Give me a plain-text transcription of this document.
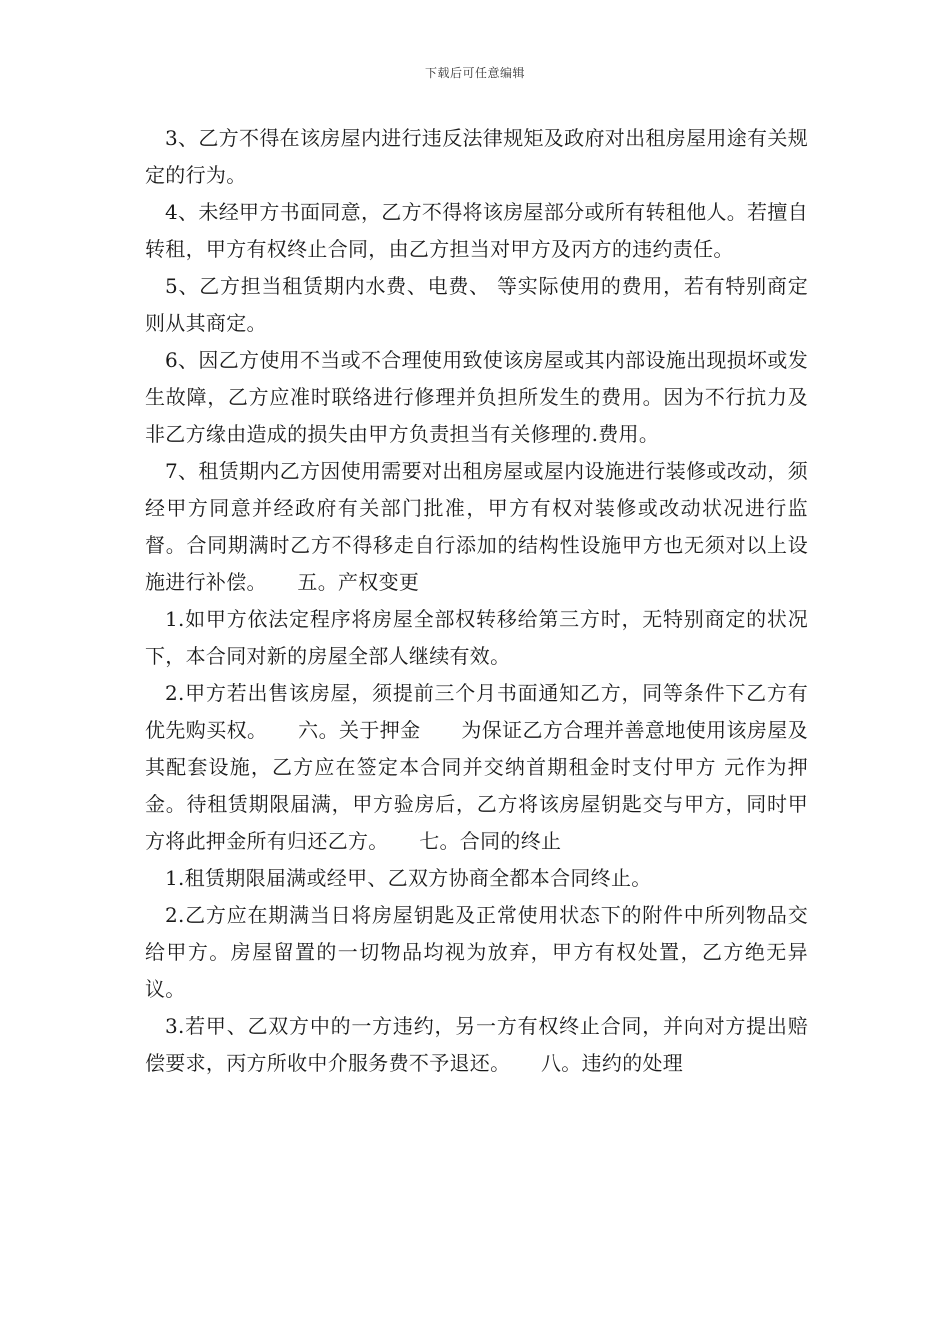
下载后可任意编辑

3、乙方不得在该房屋内进行违反法律规矩及政府对出租房屋用途有关规定的行为。

4、未经甲方书面同意，乙方不得将该房屋部分或所有转租他人。若擅自转租，甲方有权终止合同，由乙方担当对甲方及丙方的违约责任。

5、乙方担当租赁期内水费、电费、 等实际使用的费用，若有特别商定则从其商定。

6、因乙方使用不当或不合理使用致使该房屋或其内部设施出现损坏或发生故障，乙方应准时联络进行修理并负担所发生的费用。因为不行抗力及非乙方缘由造成的损失由甲方负责担当有关修理的.费用。

7、租赁期内乙方因使用需要对出租房屋或屋内设施进行装修或改动，须经甲方同意并经政府有关部门批准，甲方有权对装修或改动状况进行监督。合同期满时乙方不得移走自行添加的结构性设施甲方也无须对以上设施进行补偿。　　五。产权变更

1.如甲方依法定程序将房屋全部权转移给第三方时，无特别商定的状况下，本合同对新的房屋全部人继续有效。

2.甲方若出售该房屋，须提前三个月书面通知乙方，同等条件下乙方有优先购买权。　　六。关于押金　　为保证乙方合理并善意地使用该房屋及其配套设施，乙方应在签定本合同并交纳首期租金时支付甲方 元作为押金。待租赁期限届满，甲方验房后，乙方将该房屋钥匙交与甲方，同时甲方将此押金所有归还乙方。　　七。合同的终止

1.租赁期限届满或经甲、乙双方协商全都本合同终止。

2.乙方应在期满当日将房屋钥匙及正常使用状态下的附件中所列物品交给甲方。房屋留置的一切物品均视为放弃，甲方有权处置，乙方绝无异议。

3.若甲、乙双方中的一方违约，另一方有权终止合同，并向对方提出赔偿要求，丙方所收中介服务费不予退还。　　八。违约的处理
